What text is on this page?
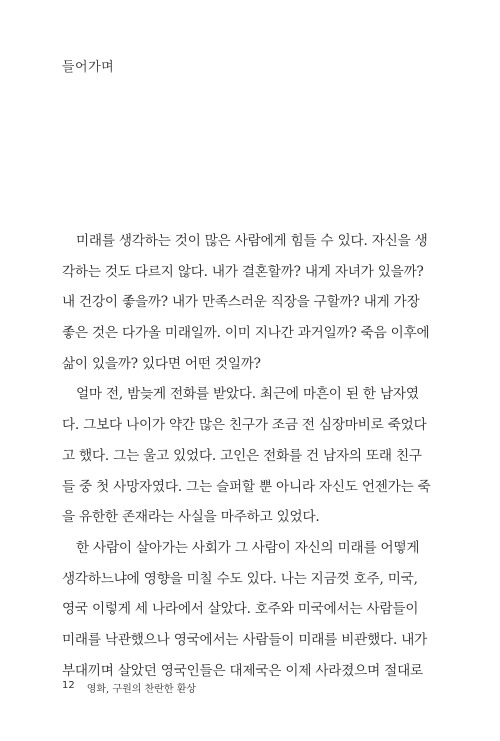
들어가며
미래를 생각하는 것이 많은 사람에게 힘들 수 있다. 자신을 생
각하는 것도 다르지 않다. 내가 결혼할까? 내게 자녀가 있을까?
내 건강이 좋을까? 내가 만족스러운 직장을 구할까? 내게 가장
좋은 것은 다가올 미래일까. 이미 지나간 과거일까? 죽음 이후에
삶이 있을까? 있다면 어떤 것일까?
얼마 전, 밤늦게 전화를 받았다. 최근에 마흔이 된 한 남자였
다. 그보다 나이가 약간 많은 친구가 조금 전 심장마비로 죽었다
고 했다. 그는 울고 있었다. 고인은 전화를 건 남자의 또래 친구
들 중 첫 사망자였다. 그는 슬퍼할 뿐 아니라 자신도 언젠가는 죽
을 유한한 존재라는 사실을 마주하고 있었다.
한 사람이 살아가는 사회가 그 사람이 자신의 미래를 어떻게
생각하느냐에 영향을 미칠 수도 있다. 나는 지금껏 호주, 미국,
영국 이렇게 세 나라에서 살았다. 호주와 미국에서는 사람들이
미래를 낙관했으나 영국에서는 사람들이 미래를 비관했다. 내가
부대끼며 살았던 영국인들은 대제국은 이제 사라졌으며 절대로
12 영화, 구원의 찬란한 환상
